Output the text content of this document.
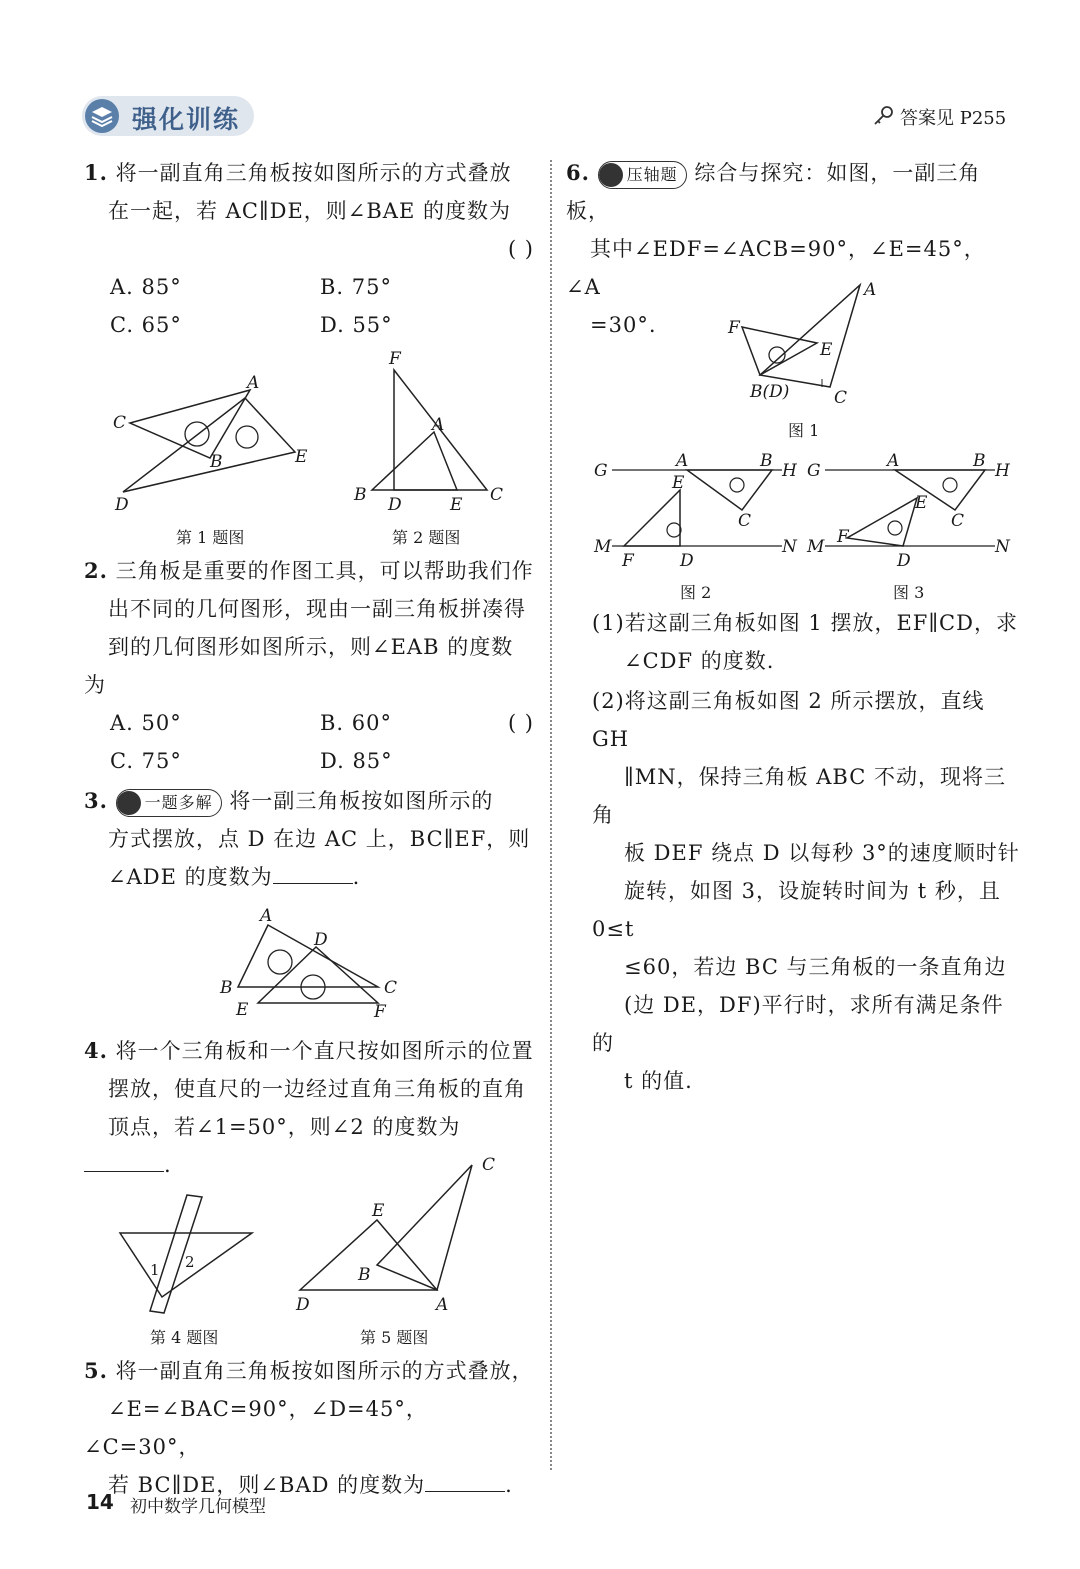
强化训练	答案见 P255
1. 将一副直角三角板按如图所示的方式叠放
在一起，若 AC∥DE，则∠BAE 的度数为

( )
A. 85°	B. 75°
C. 65°	D. 55°
C
A
B	E
D
第 1 题图
F
A
B D	E C
第 2 题图
2. 三角板是重要的作图工具，可以帮助我们作
出不同的几何图形，现由一副三角板拼凑得
到的几何图形如图所示，则∠EAB 的度数为

( )
A. 50°	B. 60°
C. 75°	D. 85°
3. 一题多解 将一副三角板按如图所示的
方式摆放，点 D 在边 AC 上，BC∥EF，则
∠ADE 的度数为	.
A
D
B	C
E	F
4. 将一个三角板和一个直尺按如图所示的位置
摆放，使直尺的一边经过直角三角板的直角
顶点，若∠1=50°，则∠2 的度数为.
1 2
第 4 题图
E
C
B
D	A
第 5 题图
5. 将一副直角三角板按如图所示的方式叠放，
∠E=∠BAC=90°，∠D=45°，∠C=30°，
若 BC∥DE，则∠BAD 的度数为	.
6. 压轴题 综合与探究：如图，一副三角板，
其中∠EDF=∠ACB=90°，∠E=45°，∠A
=30°.
A
F
E
B(D)	C
图 1
G	A	B H
E
C
M
F	D
N
图 2
G	A	B H
E
C
M F
D
N
图 3
(1)若这副三角板如图 1 摆放，EF∥CD，求
∠CDF 的度数.
(2)将这副三角板如图 2 所示摆放，直线 GH
∥MN，保持三角板 ABC 不动，现将三角
板 DEF 绕点 D 以每秒 3°的速度顺时针
旋转，如图 3，设旋转时间为 t 秒，且 0≤t
≤60，若边 BC 与三角板的一条直角边
(边 DE，DF)平行时，求所有满足条件的
t 的值.
14 初中数学几何模型
